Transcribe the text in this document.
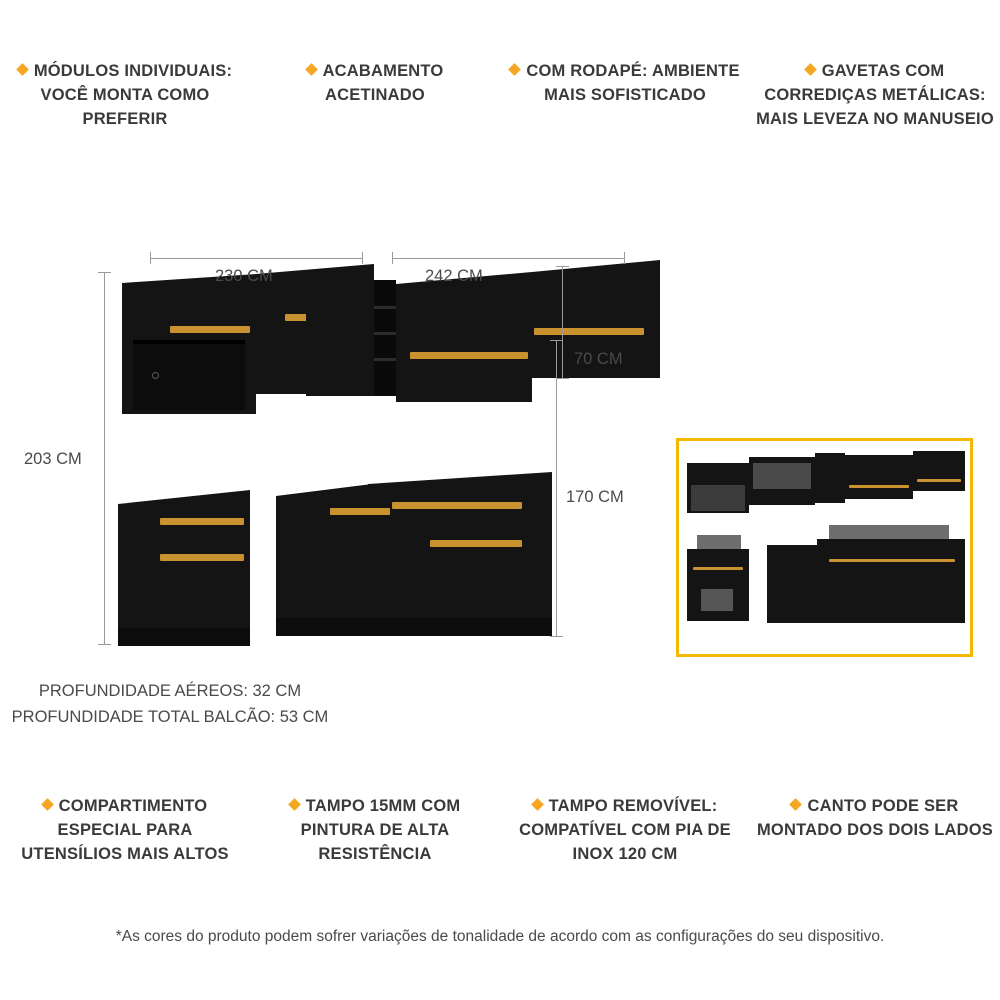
MÓDULOS INDIVIDUAIS: VOCÊ MONTA COMO PREFERIR
ACABAMENTO ACETINADO
COM RODAPÉ: AMBIENTE MAIS SOFISTICADO
GAVETAS COM CORREDIÇAS METÁLICAS: MAIS LEVEZA NO MANUSEIO
230 CM	242 CM
203 CM
170 CM
70 CM
PROFUNDIDADE AÉREOS: 32 CM
PROFUNDIDADE TOTAL BALCÃO: 53 CM
COMPARTIMENTO ESPECIAL PARA UTENSÍLIOS MAIS ALTOS
TAMPO 15MM COM PINTURA DE ALTA RESISTÊNCIA
TAMPO REMOVÍVEL: COMPATÍVEL COM PIA DE INOX 120 CM
CANTO PODE SER MONTADO DOS DOIS LADOS
*As cores do produto podem sofrer variações de tonalidade de acordo com as configurações do seu dispositivo.
